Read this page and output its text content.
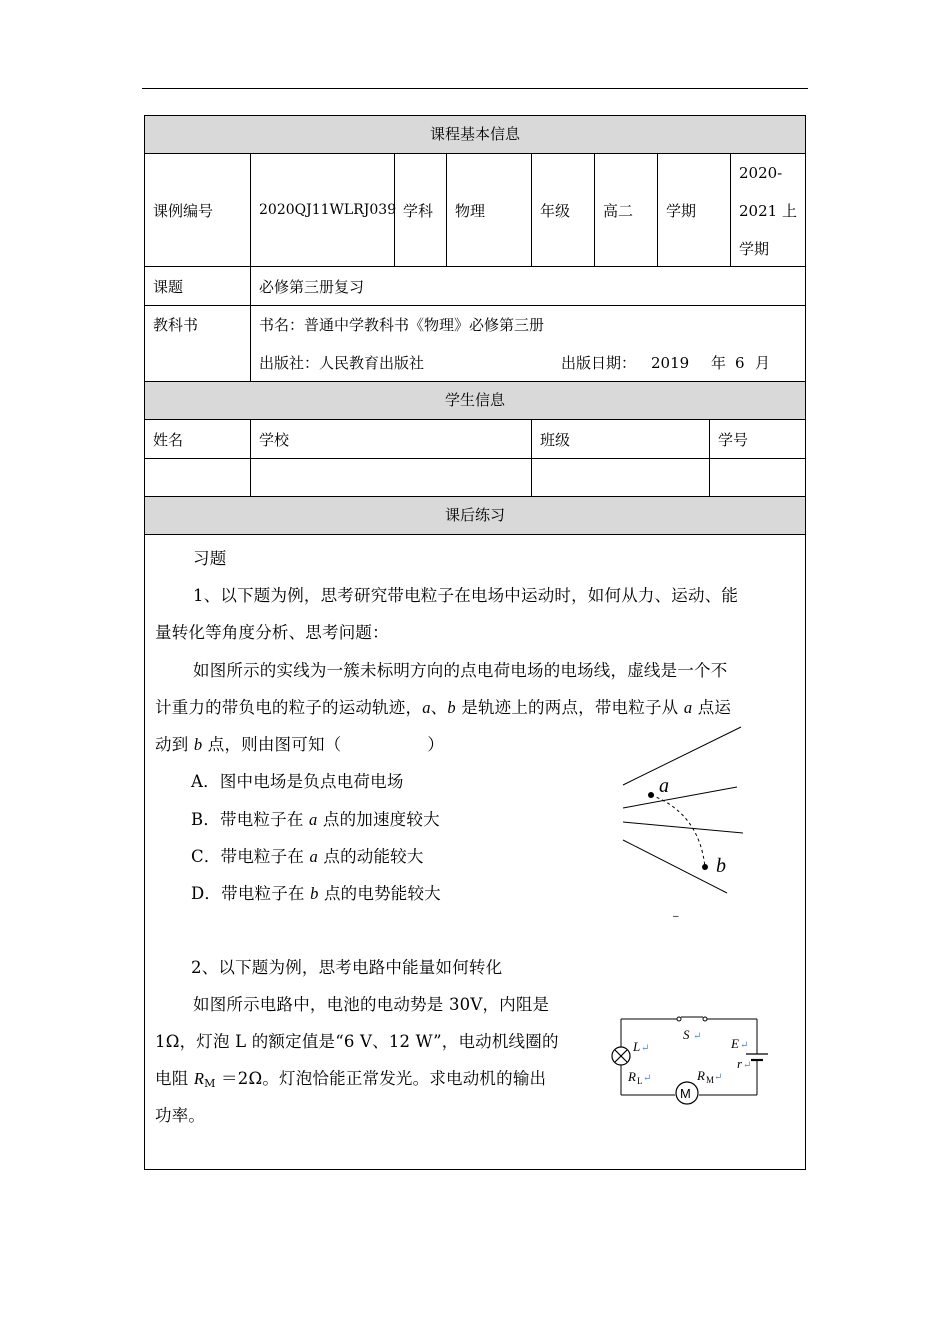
课程基本信息
课例编号	2020QJ11WLRJ039 学科 物理	年级 高二 学期
2020-
2021 上
学期
课题	必修第三册复习
教科书	书名：普通中学教科书《物理》必修第三册
出版社：人民教育出版社	出版日期： 2019 年 6 月
学生信息
姓名	学校	班级	学号
课后练习
习题
1、以下题为例，思考研究带电粒子在电场中运动时，如何从力、运动、能
量转化等角度分析、思考问题：
如图所示的实线为一簇未标明方向的点电荷电场的电场线，虚线是一个不
计重力的带负电的粒子的运动轨迹，a、b 是轨迹上的两点，带电粒子从 a 点运
动到 b 点，则由图可知（	）
A．图中电场是负点电荷电场
B．带电粒子在 a 点的加速度较大
C．带电粒子在 a 点的动能较大
D．带电粒子在 b 点的电势能较大
a
b
–
2、以下题为例，思考电路中能量如何转化
如图所示电路中，电池的电动势是 30V，内阻是
1Ω，灯泡 L 的额定值是“6 V、12 W”，电动机线圈的
电阻 $R_M =2\Omega$。灯泡恰能正常发光。求电动机的输出
功率。
M
S ↵
L ↵	E ↵
r ↵
R L ↵	R M ↵
